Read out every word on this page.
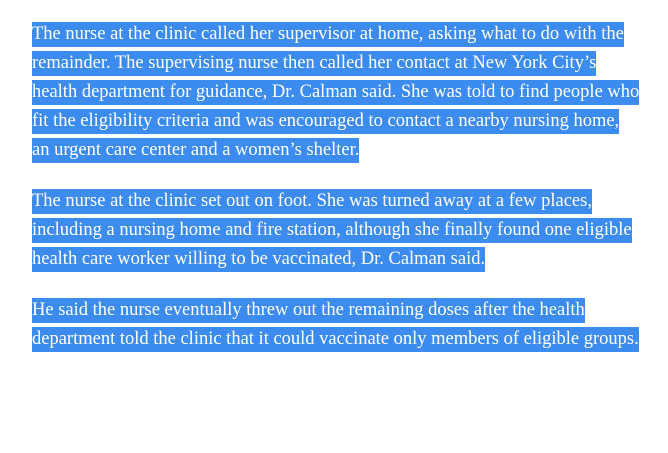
The nurse at the clinic called her supervisor at home, asking what to do with the remainder. The supervising nurse then called her contact at New York City’s health department for guidance, Dr. Calman said. She was told to find people who fit the eligibility criteria and was encouraged to contact a nearby nursing home, an urgent care center and a women’s shelter.

The nurse at the clinic set out on foot. She was turned away at a few places, including a nursing home and fire station, although she finally found one eligible health care worker willing to be vaccinated, Dr. Calman said.

He said the nurse eventually threw out the remaining doses after the health department told the clinic that it could vaccinate only members of eligible groups.
